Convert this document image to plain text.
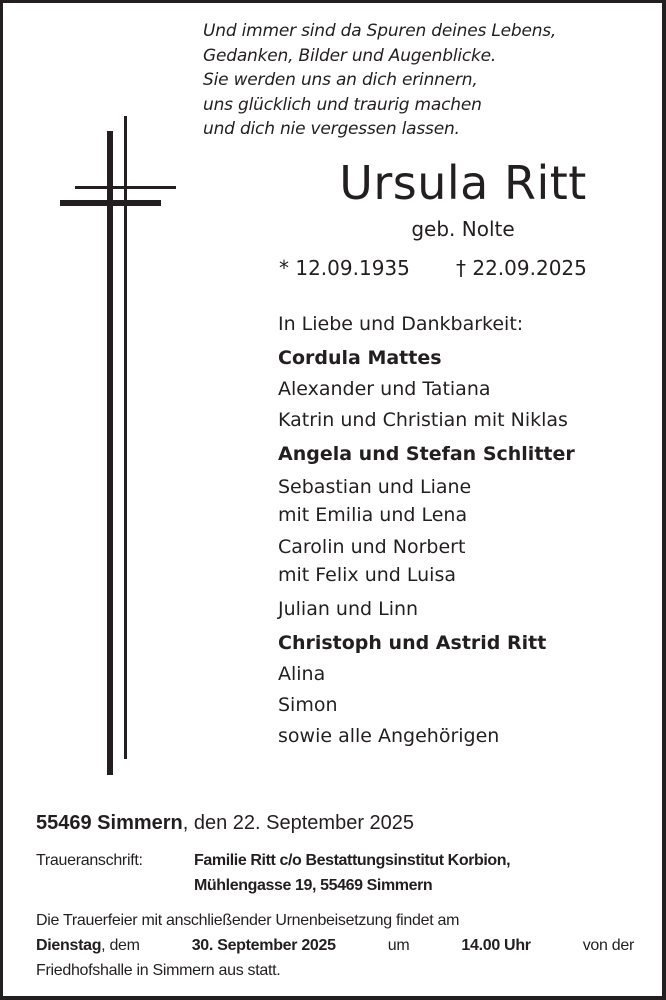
Und immer sind da Spuren deines Lebens,
Gedanken, Bilder und Augenblicke.
Sie werden uns an dich erinnern,
uns glücklich und traurig machen
und dich nie vergessen lassen.
Ursula Ritt
geb. Nolte
* 12.09.1935 † 22.09.2025
In Liebe und Dankbarkeit:
Cordula Mattes
Alexander und Tatiana
Katrin und Christian mit Niklas
Angela und Stefan Schlitter
Sebastian und Liane
mit Emilia und Lena
Carolin und Norbert
mit Felix und Luisa
Julian und Linn
Christoph und Astrid Ritt
Alina
Simon
sowie alle Angehörigen
55469 Simmern, den 22. September 2025
Traueranschrift:	Familie Ritt c/o Bestattungsinstitut Korbion,
Mühlengasse 19, 55469 Simmern
Die Trauerfeier mit anschließender Urnenbeisetzung findet am
Dienstag, dem	30. September 2025	um	14.00 Uhr	von der
Friedhofshalle in Simmern aus statt.
